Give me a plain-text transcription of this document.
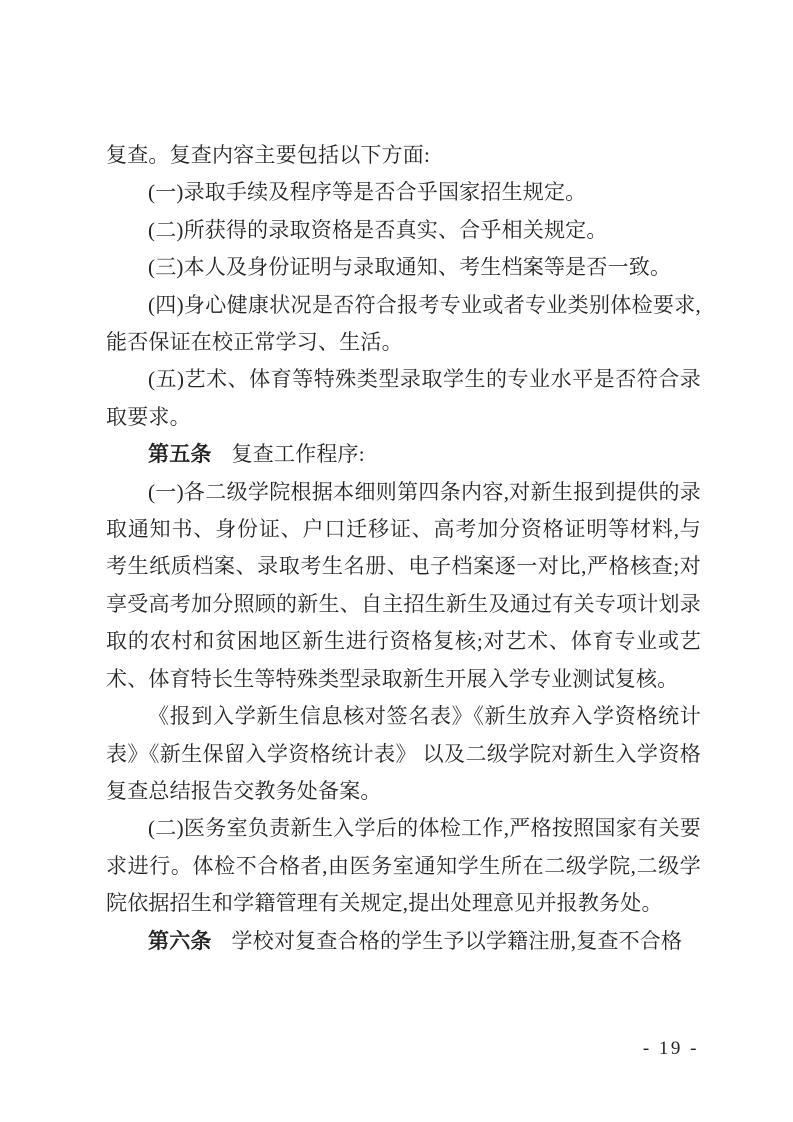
复查。复查内容主要包括以下方面:

(一)录取手续及程序等是否合乎国家招生规定。

(二)所获得的录取资格是否真实、合乎相关规定。

(三)本人及身份证明与录取通知、考生档案等是否一致。

(四)身心健康状况是否符合报考专业或者专业类别体检要求,能否保证在校正常学习、生活。

(五)艺术、体育等特殊类型录取学生的专业水平是否符合录取要求。

第五条 复查工作程序:

(一)各二级学院根据本细则第四条内容,对新生报到提供的录取通知书、身份证、户口迁移证、高考加分资格证明等材料,与考生纸质档案、录取考生名册、电子档案逐一对比,严格核查;对享受高考加分照顾的新生、自主招生新生及通过有关专项计划录取的农村和贫困地区新生进行资格复核;对艺术、体育专业或艺术、体育特长生等特殊类型录取新生开展入学专业测试复核。

《报到入学新生信息核对签名表》《新生放弃入学资格统计表》《新生保留入学资格统计表》 以及二级学院对新生入学资格复查总结报告交教务处备案。

(二)医务室负责新生入学后的体检工作,严格按照国家有关要求进行。体检不合格者,由医务室通知学生所在二级学院,二级学院依据招生和学籍管理有关规定,提出处理意见并报教务处。

第六条 学校对复查合格的学生予以学籍注册,复查不合格

- 19 -
